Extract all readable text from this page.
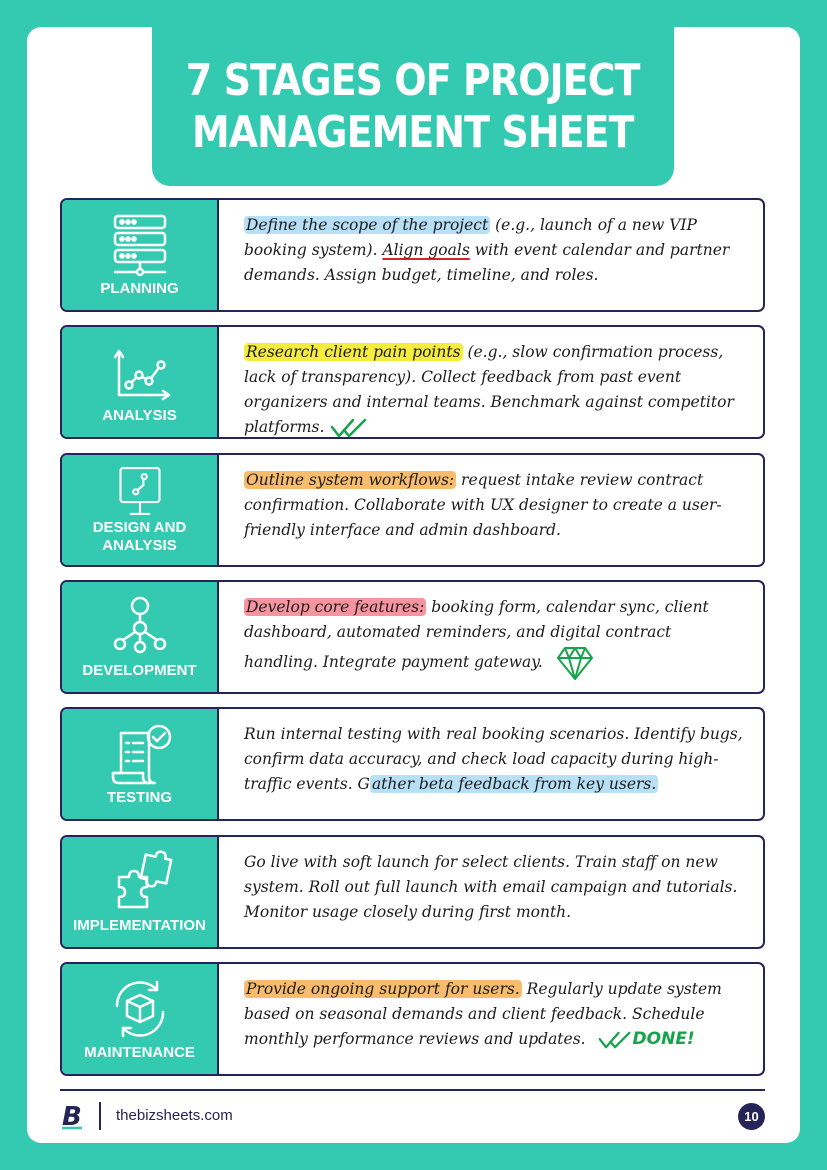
7 STAGES OF PROJECT
MANAGEMENT SHEET
PLANNING
Define the scope of the project (e.g., launch of a new VIP booking system). Align goals with event calendar and partner demands. Assign budget, timeline, and roles.
ANALYSIS
Research client pain points (e.g., slow confirmation process, lack of transparency). Collect feedback from past event organizers and internal teams. Benchmark against competitor platforms.
DESIGN AND ANALYSIS
Outline system workflows: request intake review contract confirmation. Collaborate with UX designer to create a user-friendly interface and admin dashboard.
DEVELOPMENT
Develop core features: booking form, calendar sync, client dashboard, automated reminders, and digital contract handling. Integrate payment gateway.
TESTING
Run internal testing with real booking scenarios. Identify bugs, confirm data accuracy, and check load capacity during high-traffic events. G ather beta feedback from key users.
IMPLEMENTATION
Go live with soft launch for select clients. Train staff on new system. Roll out full launch with email campaign and tutorials. Monitor usage closely during first month.
MAINTENANCE
Provide ongoing support for users. Regularly update system based on seasonal demands and client feedback. Schedule monthly performance reviews and updates.	DONE!
B thebizsheets.com	10
